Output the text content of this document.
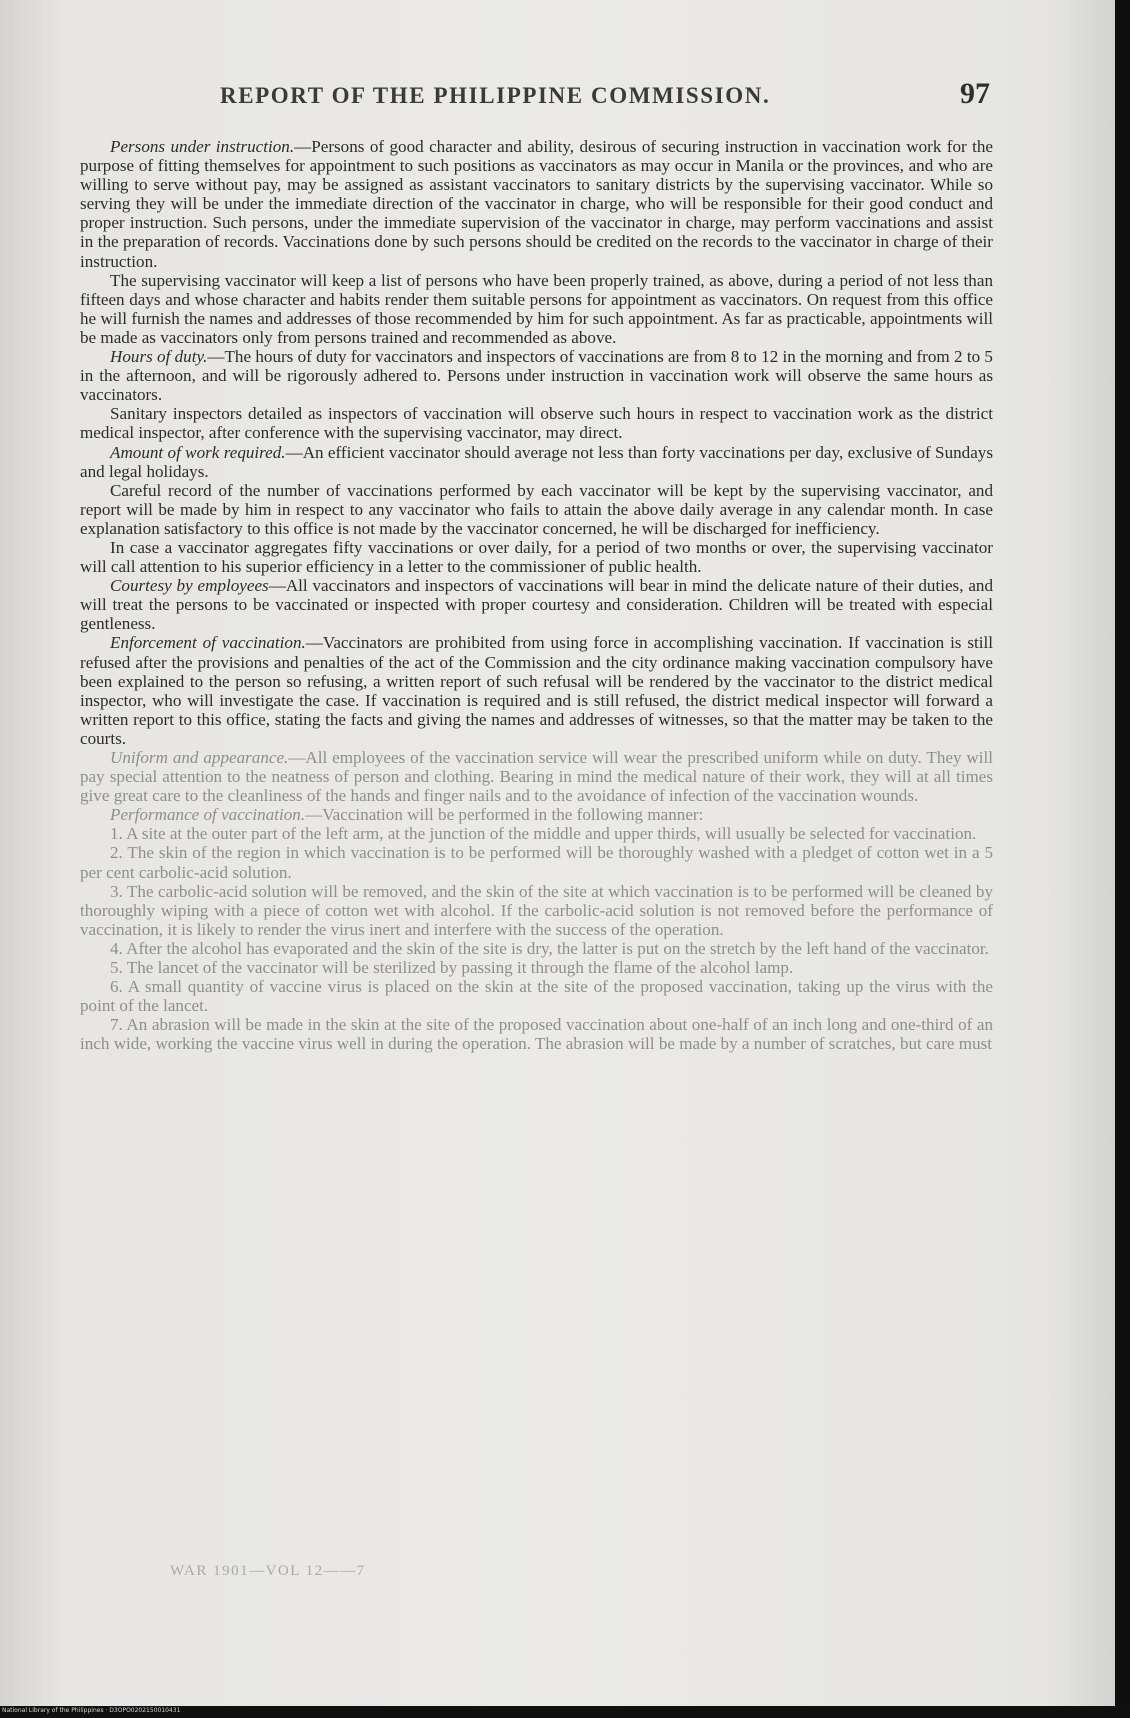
REPORT OF THE PHILIPPINE COMMISSION.	97

Persons under instruction.—Persons of good character and ability, desirous of securing instruction in vaccination work for the purpose of fitting themselves for appointment to such positions as vaccinators as may occur in Manila or the provinces, and who are willing to serve without pay, may be assigned as assistant vaccinators to sanitary districts by the supervising vaccinator. While so serving they will be under the immediate direction of the vaccinator in charge, who will be responsible for their good conduct and proper instruction. Such persons, under the immediate supervision of the vaccinator in charge, may perform vaccinations and assist in the preparation of records. Vaccinations done by such persons should be credited on the records to the vaccinator in charge of their instruction.

The supervising vaccinator will keep a list of persons who have been properly trained, as above, during a period of not less than fifteen days and whose character and habits render them suitable persons for appointment as vaccinators. On request from this office he will furnish the names and addresses of those recommended by him for such appointment. As far as practicable, appointments will be made as vaccinators only from persons trained and recommended as above.

Hours of duty.—The hours of duty for vaccinators and inspectors of vaccinations are from 8 to 12 in the morning and from 2 to 5 in the afternoon, and will be rigorously adhered to. Persons under instruction in vaccination work will observe the same hours as vaccinators.

Sanitary inspectors detailed as inspectors of vaccination will observe such hours in respect to vaccination work as the district medical inspector, after conference with the supervising vaccinator, may direct.

Amount of work required.—An efficient vaccinator should average not less than forty vaccinations per day, exclusive of Sundays and legal holidays.

Careful record of the number of vaccinations performed by each vaccinator will be kept by the supervising vaccinator, and report will be made by him in respect to any vaccinator who fails to attain the above daily average in any calendar month. In case explanation satisfactory to this office is not made by the vaccinator concerned, he will be discharged for inefficiency.

In case a vaccinator aggregates fifty vaccinations or over daily, for a period of two months or over, the supervising vaccinator will call attention to his superior efficiency in a letter to the commissioner of public health.

Courtesy by employees—All vaccinators and inspectors of vaccinations will bear in mind the delicate nature of their duties, and will treat the persons to be vaccinated or inspected with proper courtesy and consideration. Children will be treated with especial gentleness.

Enforcement of vaccination.—Vaccinators are prohibited from using force in accomplishing vaccination. If vaccination is still refused after the provisions and penalties of the act of the Commission and the city ordinance making vaccination compulsory have been explained to the person so refusing, a written report of such refusal will be rendered by the vaccinator to the district medical inspector, who will investigate the case. If vaccination is required and is still refused, the district medical inspector will forward a written report to this office, stating the facts and giving the names and addresses of witnesses, so that the matter may be taken to the courts.

Uniform and appearance.—All employees of the vaccination service will wear the prescribed uniform while on duty. They will pay special attention to the neatness of person and clothing. Bearing in mind the medical nature of their work, they will at all times give great care to the cleanliness of the hands and finger nails and to the avoidance of infection of the vaccination wounds.

Performance of vaccination.—Vaccination will be performed in the following manner:

1. A site at the outer part of the left arm, at the junction of the middle and upper thirds, will usually be selected for vaccination.

2. The skin of the region in which vaccination is to be performed will be thoroughly washed with a pledget of cotton wet in a 5 per cent carbolic-acid solution.

3. The carbolic-acid solution will be removed, and the skin of the site at which vaccination is to be performed will be cleaned by thoroughly wiping with a piece of cotton wet with alcohol. If the carbolic-acid solution is not removed before the performance of vaccination, it is likely to render the virus inert and interfere with the success of the operation.

4. After the alcohol has evaporated and the skin of the site is dry, the latter is put on the stretch by the left hand of the vaccinator.

5. The lancet of the vaccinator will be sterilized by passing it through the flame of the alcohol lamp.

6. A small quantity of vaccine virus is placed on the skin at the site of the proposed vaccination, taking up the virus with the point of the lancet.

7. An abrasion will be made in the skin at the site of the proposed vaccination about one-half of an inch long and one-third of an inch wide, working the vaccine virus well in during the operation. The abrasion will be made by a number of scratches, but care must

WAR 1901—VOL 12——7
National Library of the Philippines · D3OPO0202150010431
